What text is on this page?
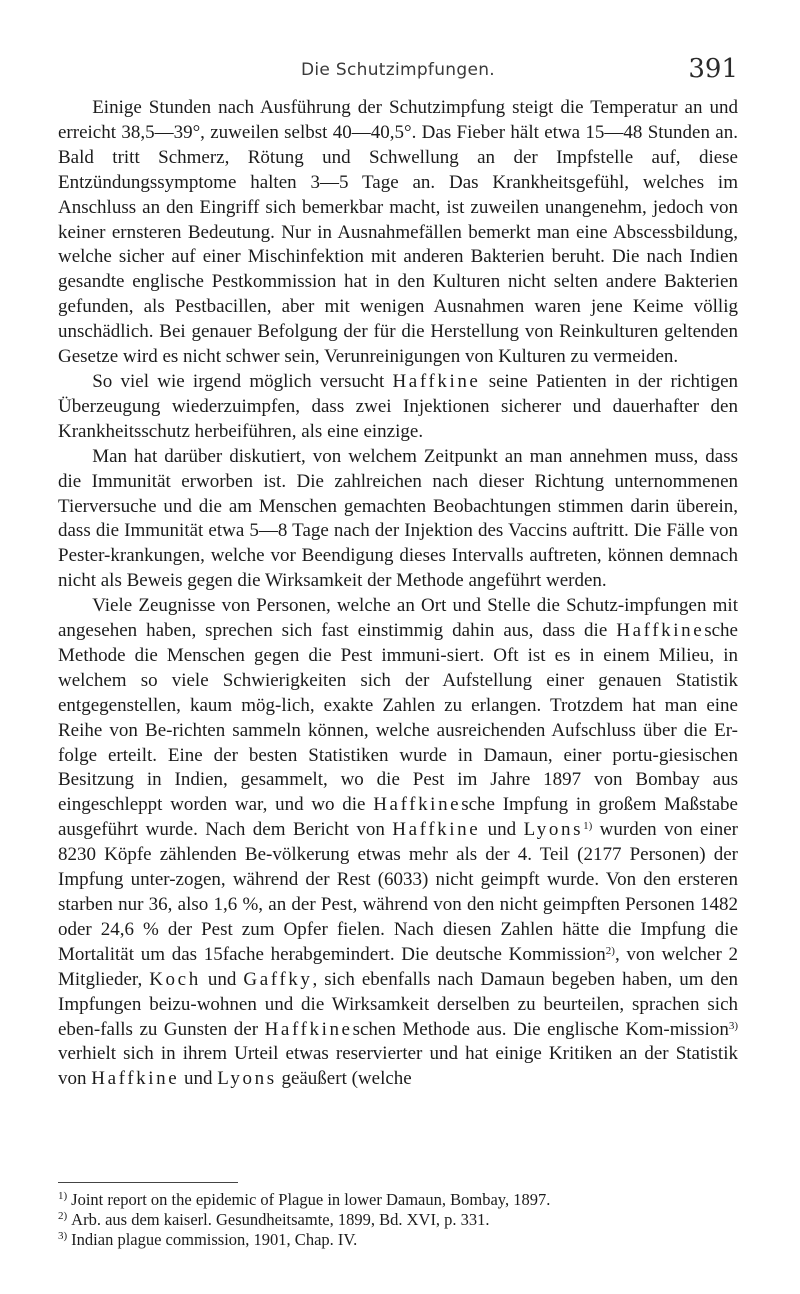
Die Schutzimpfungen.	391

Einige Stunden nach Ausführung der Schutzimpfung steigt die Temperatur an und erreicht 38,5—39°, zuweilen selbst 40—40,5°. Das Fieber hält etwa 15—48 Stunden an. Bald tritt Schmerz, Rötung und Schwellung an der Impfstelle auf, diese Entzündungssymptome halten 3—5 Tage an. Das Krankheitsgefühl, welches im Anschluss an den Eingriff sich bemerkbar macht, ist zuweilen unangenehm, jedoch von keiner ernsteren Bedeutung. Nur in Ausnahmefällen bemerkt man eine Abscessbildung, welche sicher auf einer Mischinfektion mit anderen Bakterien beruht. Die nach Indien gesandte englische Pestkommission hat in den Kulturen nicht selten andere Bakterien gefunden, als Pestbacillen, aber mit wenigen Ausnahmen waren jene Keime völlig unschädlich. Bei genauer Befolgung der für die Herstellung von Reinkulturen geltenden Gesetze wird es nicht schwer sein, Verunreinigungen von Kulturen zu vermeiden.

So viel wie irgend möglich versucht Haffkine seine Patienten in der richtigen Überzeugung wiederzuimpfen, dass zwei Injektionen sicherer und dauerhafter den Krankheitsschutz herbeiführen, als eine einzige.

Man hat darüber diskutiert, von welchem Zeitpunkt an man annehmen muss, dass die Immunität erworben ist. Die zahlreichen nach dieser Richtung unternommenen Tierversuche und die am Menschen gemachten Beobachtungen stimmen darin überein, dass die Immunität etwa 5—8 Tage nach der Injektion des Vaccins auftritt. Die Fälle von Pester-krankungen, welche vor Beendigung dieses Intervalls auftreten, können demnach nicht als Beweis gegen die Wirksamkeit der Methode angeführt werden.

Viele Zeugnisse von Personen, welche an Ort und Stelle die Schutz-impfungen mit angesehen haben, sprechen sich fast einstimmig dahin aus, dass die Haffkinesche Methode die Menschen gegen die Pest immuni-siert. Oft ist es in einem Milieu, in welchem so viele Schwierigkeiten sich der Aufstellung einer genauen Statistik entgegenstellen, kaum mög-lich, exakte Zahlen zu erlangen. Trotzdem hat man eine Reihe von Be-richten sammeln können, welche ausreichenden Aufschluss über die Er-folge erteilt. Eine der besten Statistiken wurde in Damaun, einer portu-giesischen Besitzung in Indien, gesammelt, wo die Pest im Jahre 1897 von Bombay aus eingeschleppt worden war, und wo die Haffkinesche Impfung in großem Maßstabe ausgeführt wurde. Nach dem Bericht von Haffkine und Lyons$^{1)}$ wurden von einer 8230 Köpfe zählenden Be-völkerung etwas mehr als der 4. Teil (2177 Personen) der Impfung unter-zogen, während der Rest (6033) nicht geimpft wurde. Von den ersteren starben nur 36, also 1,6 %, an der Pest, während von den nicht geimpften Personen 1482 oder 24,6 % der Pest zum Opfer fielen. Nach diesen Zahlen hätte die Impfung die Mortalität um das 15fache herabgemindert. Die deutsche Kommission$^{2)}$, von welcher 2 Mitglieder, Koch und Gaffky, sich ebenfalls nach Damaun begeben haben, um den Impfungen beizu-wohnen und die Wirksamkeit derselben zu beurteilen, sprachen sich eben-falls zu Gunsten der Haffkineschen Methode aus. Die englische Kom-mission$^{3)}$ verhielt sich in ihrem Urteil etwas reservierter und hat einige Kritiken an der Statistik von Haffkine und Lyons geäußert (welche

$^{1)}$ Joint report on the epidemic of Plague in lower Damaun, Bombay, 1897.
$^{2)}$ Arb. aus dem kaiserl. Gesundheitsamte, 1899, Bd. XVI, p. 331.
$^{3)}$ Indian plague commission, 1901, Chap. IV.
